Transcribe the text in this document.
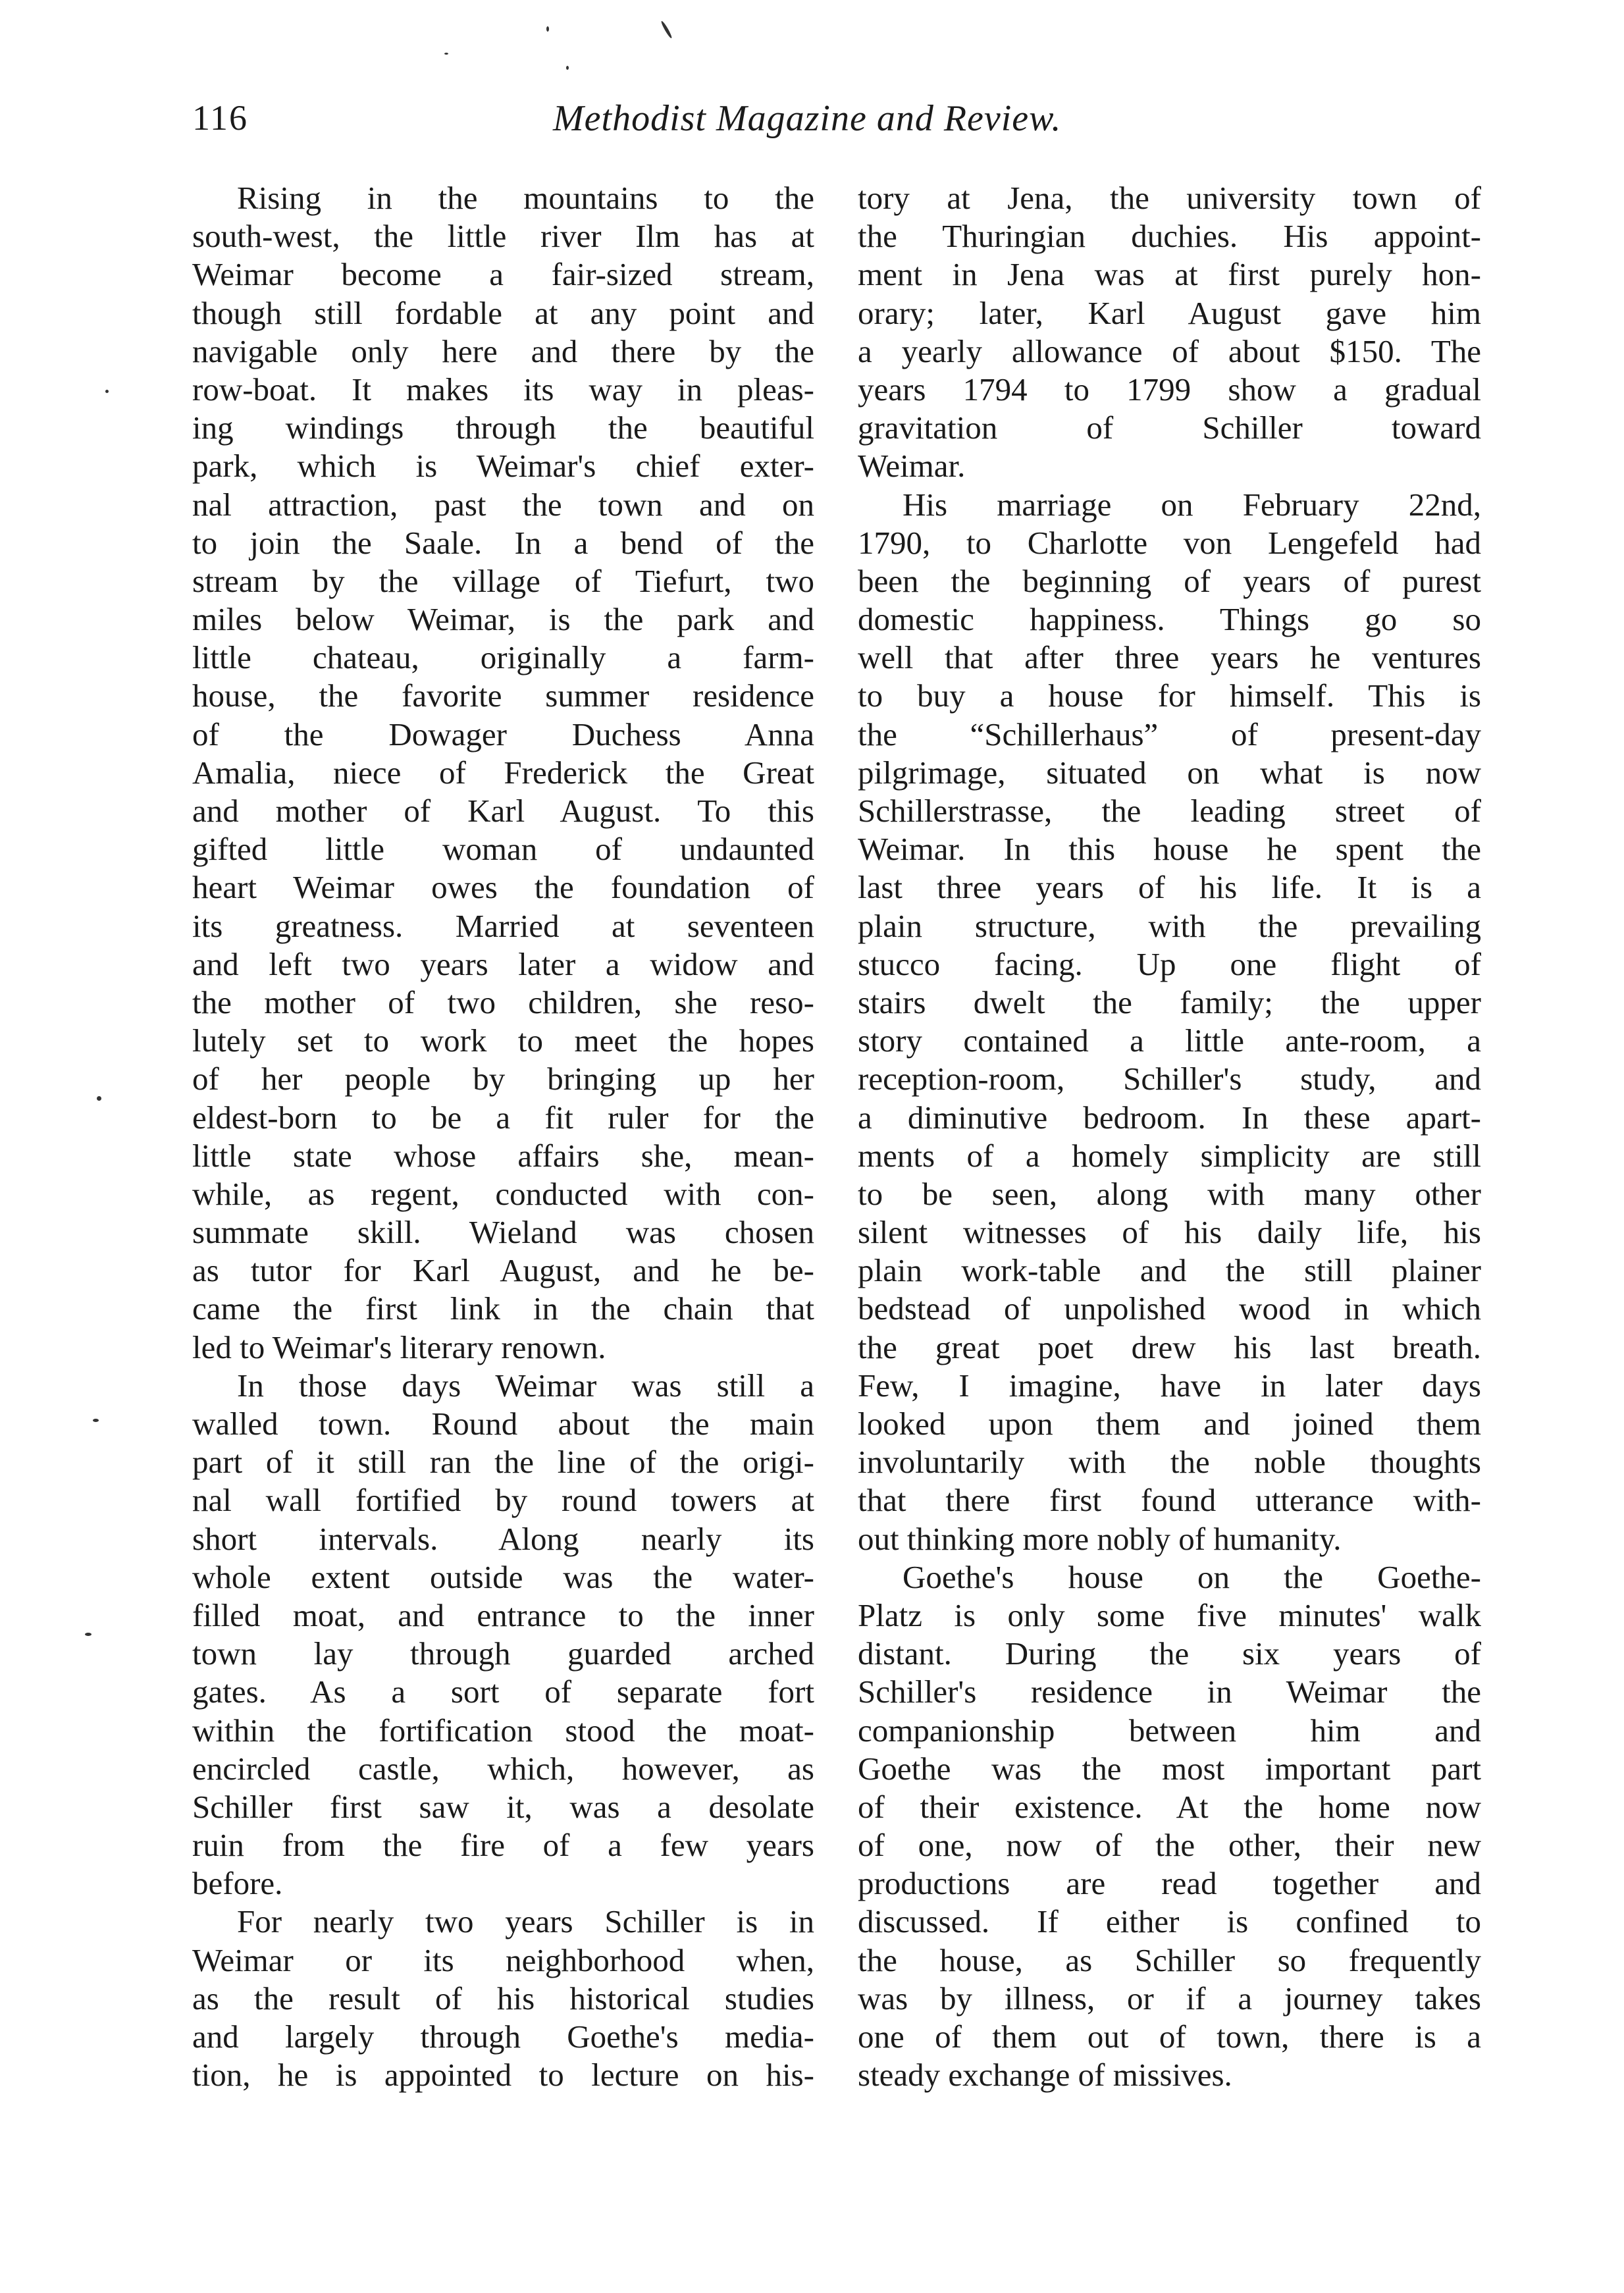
116	Methodist Magazine and Review.
Rising in the mountains to the
south-west, the little river Ilm has at
Weimar become a fair-sized stream,
though still fordable at any point and
navigable only here and there by the
row-boat. It makes its way in pleas-
ing windings through the beautiful
park, which is Weimar's chief exter-
nal attraction, past the town and on
to join the Saale. In a bend of the
stream by the village of Tiefurt, two
miles below Weimar, is the park and
little chateau, originally a farm-
house, the favorite summer residence
of the Dowager Duchess Anna
Amalia, niece of Frederick the Great
and mother of Karl August. To this
gifted little woman of undaunted
heart Weimar owes the foundation of
its greatness. Married at seventeen
and left two years later a widow and
the mother of two children, she reso-
lutely set to work to meet the hopes
of her people by bringing up her
eldest-born to be a fit ruler for the
little state whose affairs she, mean-
while, as regent, conducted with con-
summate skill. Wieland was chosen
as tutor for Karl August, and he be-
came the first link in the chain that
led to Weimar's literary renown.
In those days Weimar was still a
walled town. Round about the main
part of it still ran the line of the origi-
nal wall fortified by round towers at
short intervals. Along nearly its
whole extent outside was the water-
filled moat, and entrance to the inner
town lay through guarded arched
gates. As a sort of separate fort
within the fortification stood the moat-
encircled castle, which, however, as
Schiller first saw it, was a desolate
ruin from the fire of a few years
before.
For nearly two years Schiller is in
Weimar or its neighborhood when,
as the result of his historical studies
and largely through Goethe's media-
tion, he is appointed to lecture on his-
tory at Jena, the university town of
the Thuringian duchies. His appoint-
ment in Jena was at first purely hon-
orary; later, Karl August gave him
a yearly allowance of about $150. The
years 1794 to 1799 show a gradual
gravitation of Schiller toward
Weimar.
His marriage on February 22nd,
1790, to Charlotte von Lengefeld had
been the beginning of years of purest
domestic happiness. Things go so
well that after three years he ventures
to buy a house for himself. This is
the “Schillerhaus” of present-day
pilgrimage, situated on what is now
Schillerstrasse, the leading street of
Weimar. In this house he spent the
last three years of his life. It is a
plain structure, with the prevailing
stucco facing. Up one flight of
stairs dwelt the family; the upper
story contained a little ante-room, a
reception-room, Schiller's study, and
a diminutive bedroom. In these apart-
ments of a homely simplicity are still
to be seen, along with many other
silent witnesses of his daily life, his
plain work-table and the still plainer
bedstead of unpolished wood in which
the great poet drew his last breath.
Few, I imagine, have in later days
looked upon them and joined them
involuntarily with the noble thoughts
that there first found utterance with-
out thinking more nobly of humanity.
Goethe's house on the Goethe-
Platz is only some five minutes' walk
distant. During the six years of
Schiller's residence in Weimar the
companionship between him and
Goethe was the most important part
of their existence. At the home now
of one, now of the other, their new
productions are read together and
discussed. If either is confined to
the house, as Schiller so frequently
was by illness, or if a journey takes
one of them out of town, there is a
steady exchange of missives.
